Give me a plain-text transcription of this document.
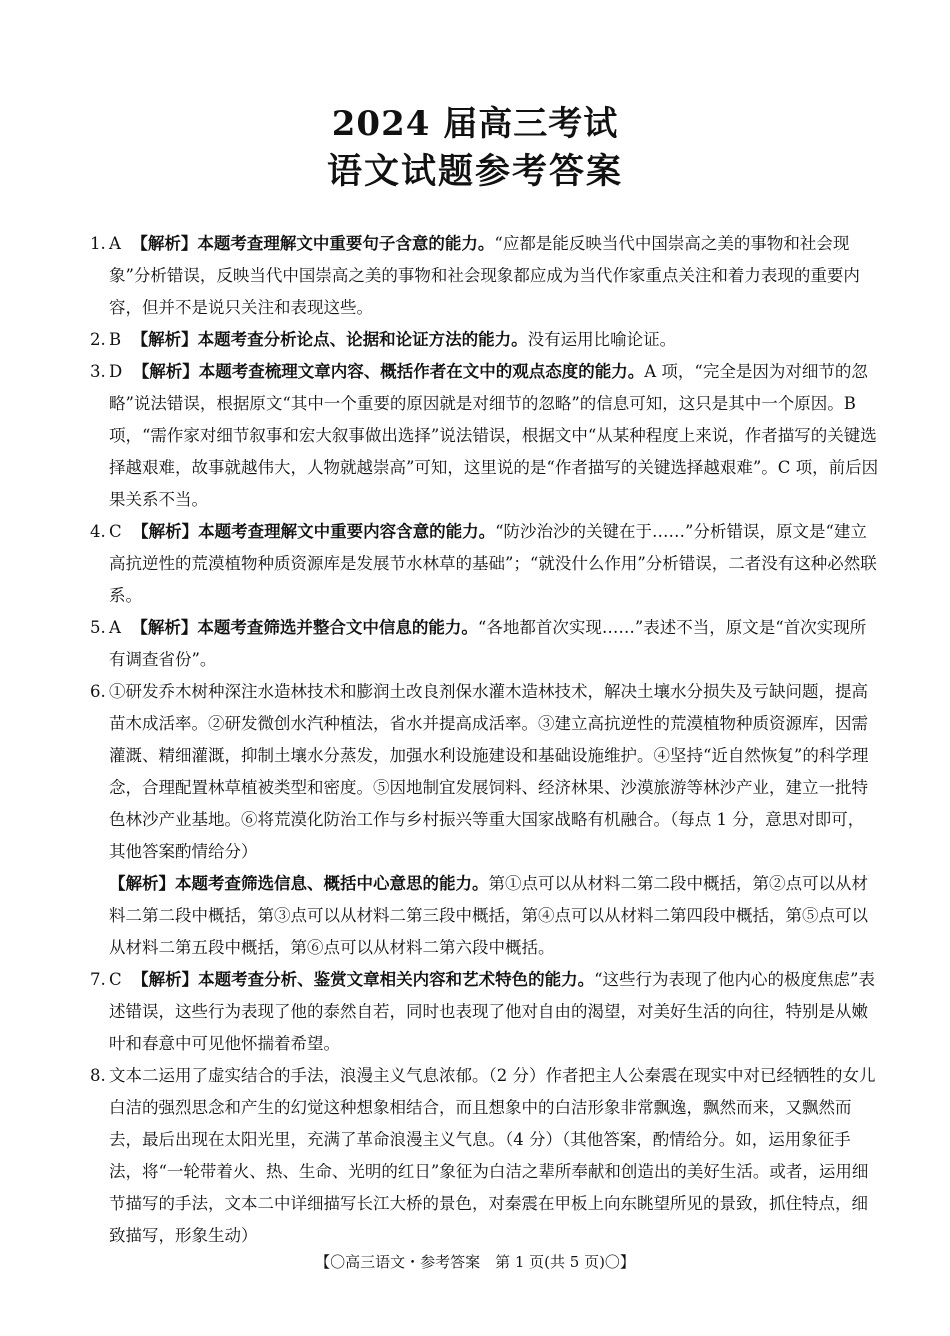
2024 届高三考试
语文试题参考答案
1. A 【解析】本题考查理解文中重要句子含意的能力。“应都是能反映当代中国崇高之美的事物和社会现象”分析错误，反映当代中国崇高之美的事物和社会现象都应成为当代作家重点关注和着力表现的重要内容，但并不是说只关注和表现这些。
2. B 【解析】本题考查分析论点、论据和论证方法的能力。没有运用比喻论证。
3. D 【解析】本题考查梳理文章内容、概括作者在文中的观点态度的能力。A 项，“完全是因为对细节的忽略”说法错误，根据原文“其中一个重要的原因就是对细节的忽略”的信息可知，这只是其中一个原因。B 项，“需作家对细节叙事和宏大叙事做出选择”说法错误，根据文中“从某种程度上来说，作者描写的关键选择越艰难，故事就越伟大，人物就越崇高”可知，这里说的是“作者描写的关键选择越艰难”。C 项，前后因果关系不当。
4. C 【解析】本题考查理解文中重要内容含意的能力。“防沙治沙的关键在于……”分析错误，原文是“建立高抗逆性的荒漠植物种质资源库是发展节水林草的基础”；“就没什么作用”分析错误，二者没有这种必然联系。
5. A 【解析】本题考查筛选并整合文中信息的能力。“各地都首次实现……”表述不当，原文是“首次实现所有调查省份”。
6. ①研发乔木树种深注水造林技术和膨润土改良剂保水灌木造林技术，解决土壤水分损失及亏缺问题，提高苗木成活率。②研发微创水汽种植法，省水并提高成活率。③建立高抗逆性的荒漠植物种质资源库，因需灌溉、精细灌溉，抑制土壤水分蒸发，加强水利设施建设和基础设施维护。④坚持“近自然恢复”的科学理念，合理配置林草植被类型和密度。⑤因地制宜发展饲料、经济林果、沙漠旅游等林沙产业，建立一批特色林沙产业基地。⑥将荒漠化防治工作与乡村振兴等重大国家战略有机融合。（每点 1 分，意思对即可，其他答案酌情给分）
【解析】本题考查筛选信息、概括中心意思的能力。第①点可以从材料二第二段中概括，第②点可以从材料二第二段中概括，第③点可以从材料二第三段中概括，第④点可以从材料二第四段中概括，第⑤点可以从材料二第五段中概括，第⑥点可以从材料二第六段中概括。
7. C 【解析】本题考查分析、鉴赏文章相关内容和艺术特色的能力。“这些行为表现了他内心的极度焦虑”表述错误，这些行为表现了他的泰然自若，同时也表现了他对自由的渴望，对美好生活的向往，特别是从嫩叶和春意中可见他怀揣着希望。
8. 文本二运用了虚实结合的手法，浪漫主义气息浓郁。（2 分）作者把主人公秦震在现实中对已经牺牲的女儿白洁的强烈思念和产生的幻觉这种想象相结合，而且想象中的白洁形象非常飘逸，飘然而来，又飘然而去，最后出现在太阳光里，充满了革命浪漫主义气息。（4 分）（其他答案，酌情给分。如，运用象征手法，将“一轮带着火、热、生命、光明的红日”象征为白洁之辈所奉献和创造出的美好生活。或者，运用细节描写的手法，文本二中详细描写长江大桥的景色，对秦震在甲板上向东眺望所见的景致，抓住特点，细致描写，形象生动）
【〇高三语文・参考答案　第 1 页(共 5 页)〇】
